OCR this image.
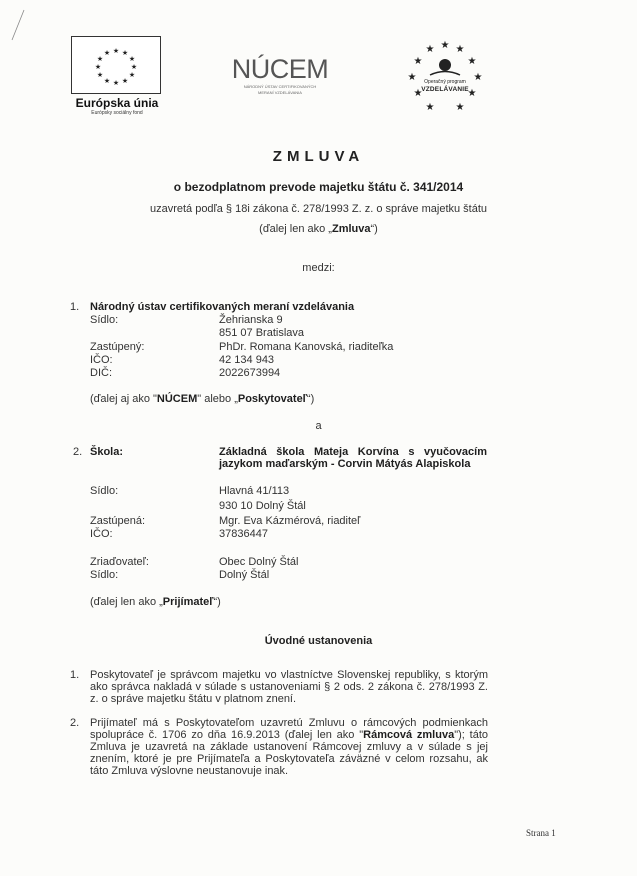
★ ★
★
★
★
★
★
★
★
★
★
★
Európska únia
Európsky sociálny fond
NÚCEM
NÁRODNÝ ÚSTAV CERTIFIKOVANÝCH
MERANÍ VZDELÁVANIA
★ ★
★
★
★
★
★
★
★
★
★
Operačný program
VZDELÁVANIE
ZMLUVA
o bezodplatnom prevode majetku štátu č. 341/2014
uzavretá podľa § 18i zákona č. 278/1993 Z. z. o správe majetku štátu
(ďalej len ako „Zmluva“)
medzi:
1. Národný ústav certifikovaných meraní vzdelávania
Sídlo:	Žehrianska 9
851 07 Bratislava
Zastúpený:	PhDr. Romana Kanovská, riaditeľka
IČO:	42 134 943
DIČ:	2022673994
(ďalej aj ako "NÚCEM" alebo „Poskytovateľ“)
a
2. Škola:	Základná škola Mateja Korvína s vyučovacím jazykom maďarským - Corvin Mátyás Alapiskola
Sídlo:	Hlavná 41/113
930 10 Dolný Štál
Zastúpená:	Mgr. Eva Kázmérová, riaditeľ
IČO:	37836447
Zriaďovateľ:	Obec Dolný Štál
Sídlo:	Dolný Štál
(ďalej len ako „Prijímateľ“)
Úvodné ustanovenia
1. Poskytovateľ je správcom majetku vo vlastníctve Slovenskej republiky, s ktorým ako správca nakladá v súlade s ustanoveniami § 2 ods. 2 zákona č. 278/1993 Z. z. o správe majetku štátu v platnom znení.
2. Prijímateľ má s Poskytovateľom uzavretú Zmluvu o rámcových podmienkach spolupráce č. 1706 zo dňa 16.9.2013 (ďalej len ako "Rámcová zmluva"); táto Zmluva je uzavretá na základe ustanovení Rámcovej zmluvy a v súlade s jej znením, ktoré je pre Prijímateľa a Poskytovateľa záväzné v celom rozsahu, ak táto Zmluva výslovne neustanovuje inak.
Strana 1
